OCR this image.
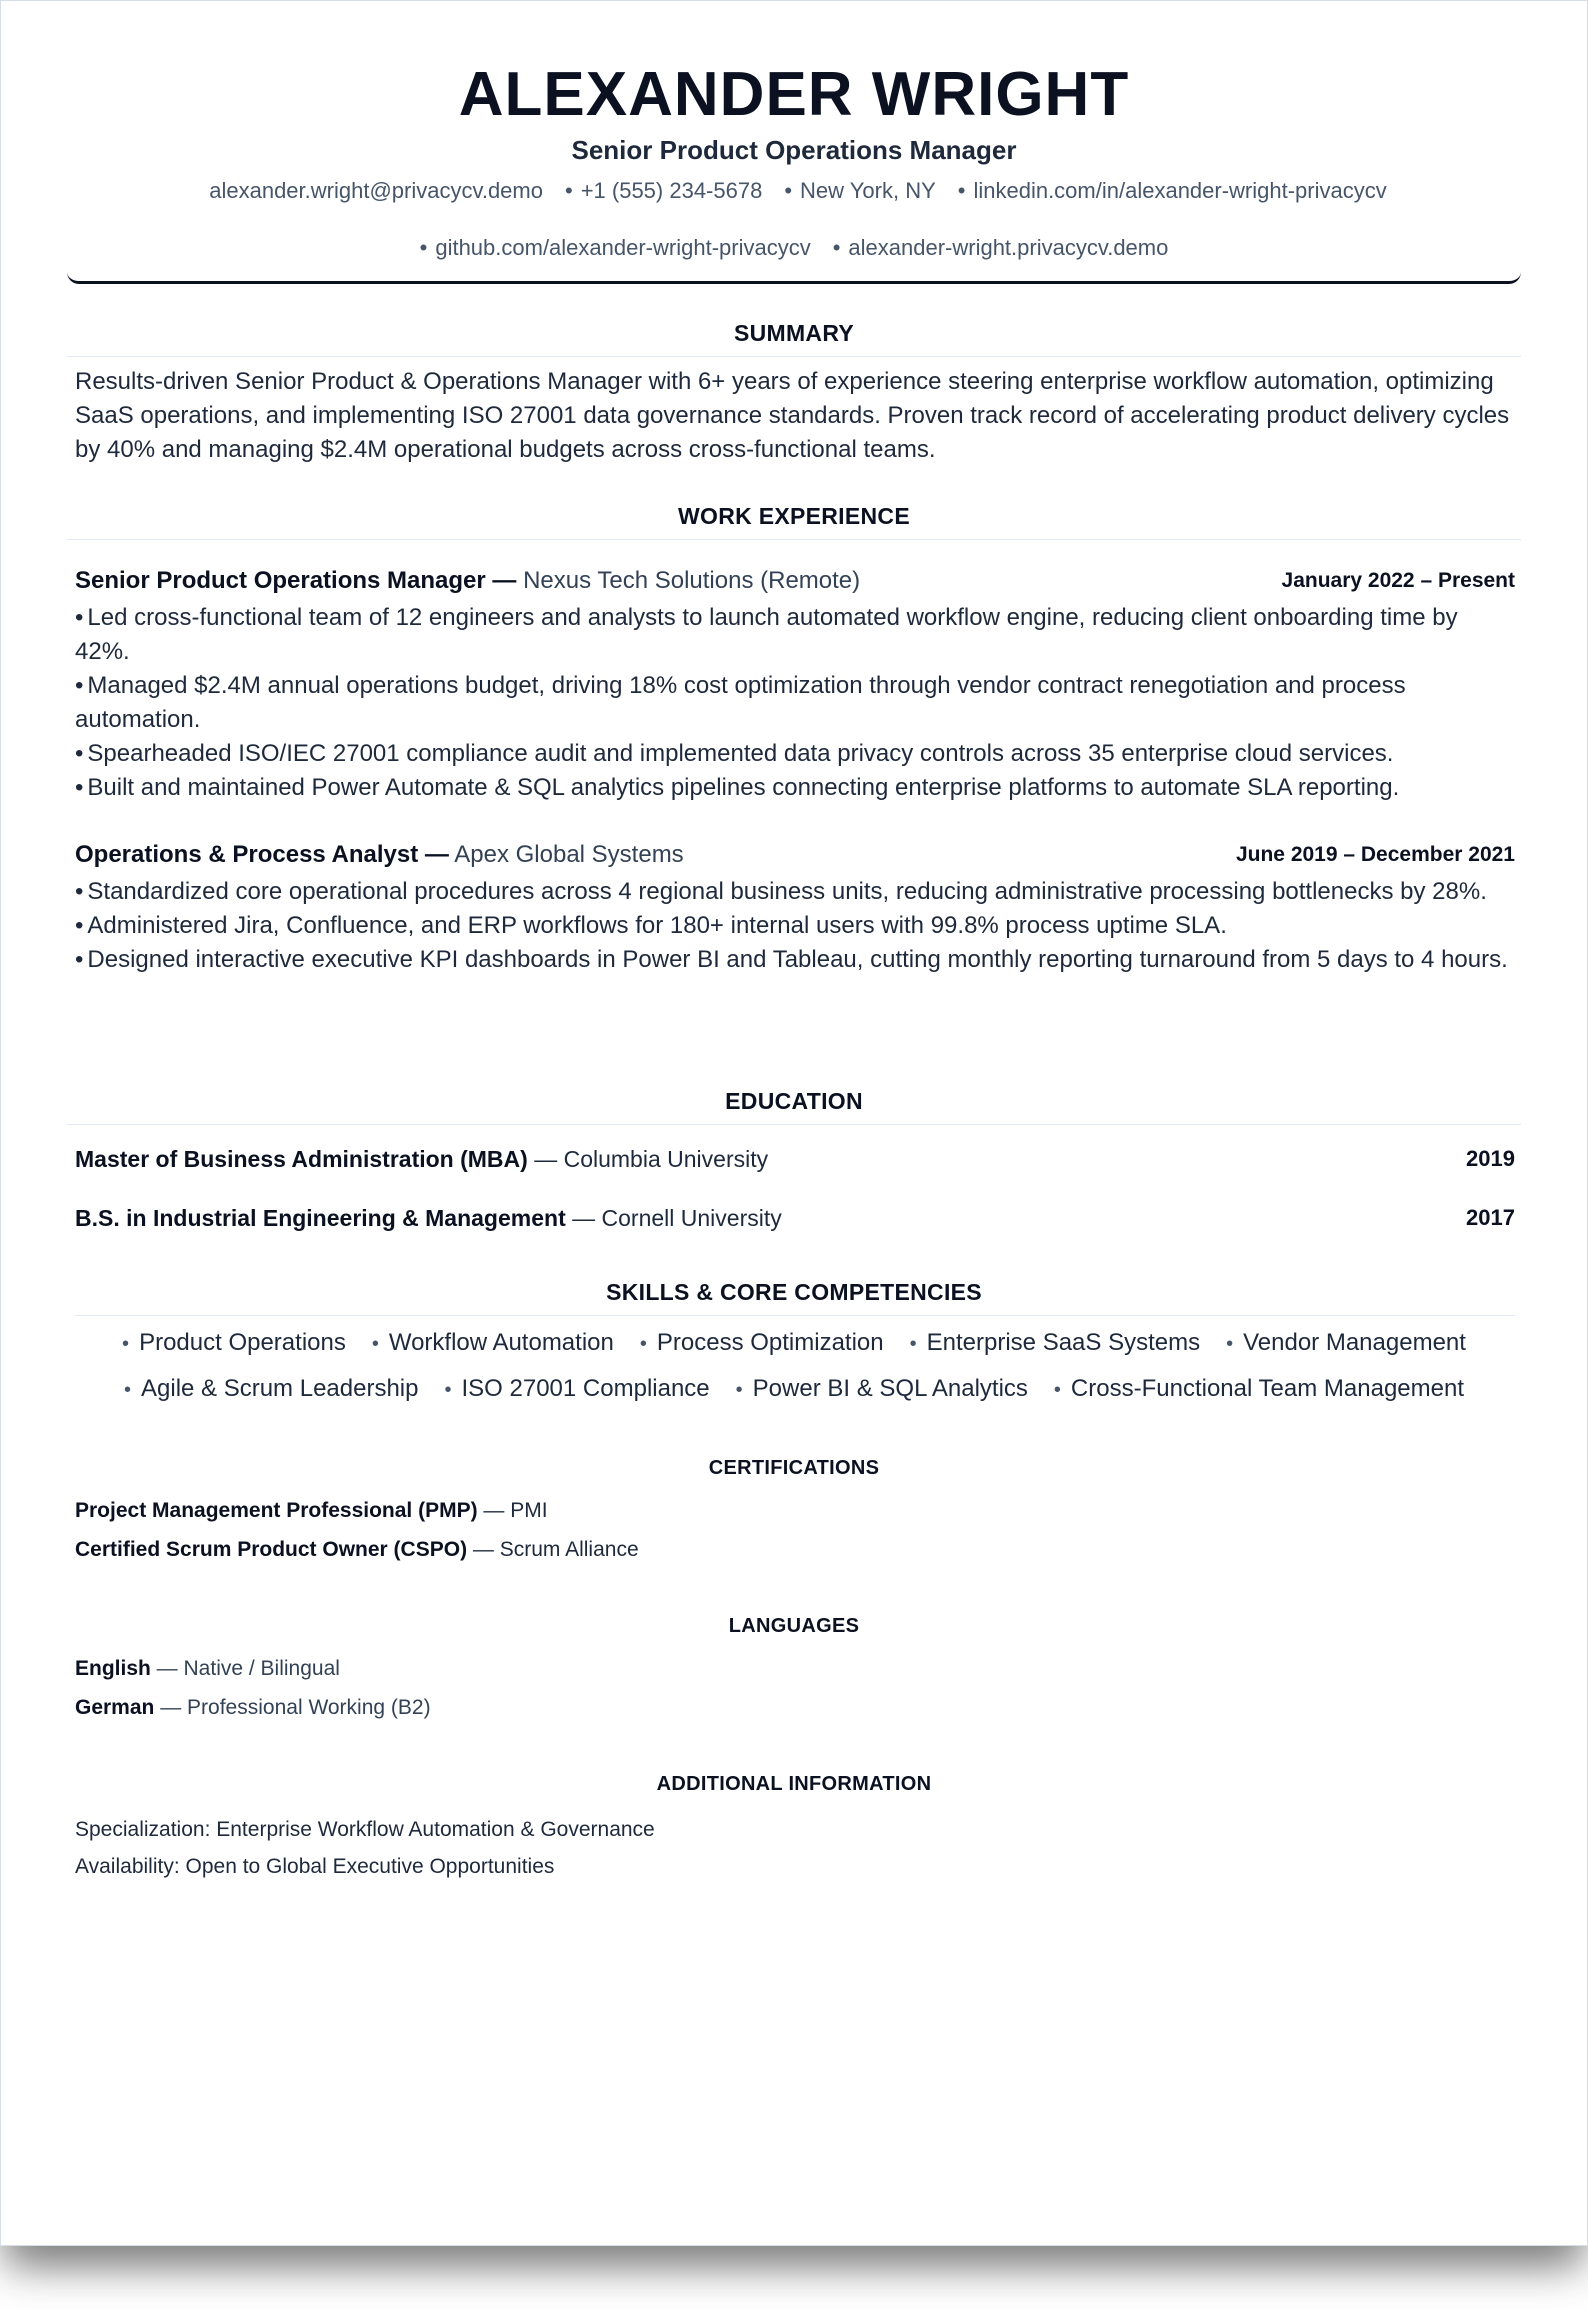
ALEXANDER WRIGHT
Senior Product Operations Manager
alexander.wright@privacycv.demo • +1 (555) 234-5678 • New York, NY • linkedin.com/in/alexander-wright-privacycv
• github.com/alexander-wright-privacycv • alexander-wright.privacycv.demo
SUMMARY
Results-driven Senior Product & Operations Manager with 6+ years of experience steering enterprise workflow automation, optimizing SaaS operations, and implementing ISO 27001 data governance standards. Proven track record of accelerating product delivery cycles by 40% and managing $2.4M operational budgets across cross-functional teams.
WORK EXPERIENCE
Senior Product Operations Manager — Nexus Tech Solutions (Remote)	January 2022 – Present
• Led cross-functional team of 12 engineers and analysts to launch automated workflow engine, reducing client onboarding time by 42%.
• Managed $2.4M annual operations budget, driving 18% cost optimization through vendor contract renegotiation and process automation.
• Spearheaded ISO/IEC 27001 compliance audit and implemented data privacy controls across 35 enterprise cloud services.
• Built and maintained Power Automate & SQL analytics pipelines connecting enterprise platforms to automate SLA reporting.
Operations & Process Analyst — Apex Global Systems	June 2019 – December 2021
• Standardized core operational procedures across 4 regional business units, reducing administrative processing bottlenecks by 28%.
• Administered Jira, Confluence, and ERP workflows for 180+ internal users with 99.8% process uptime SLA.
• Designed interactive executive KPI dashboards in Power BI and Tableau, cutting monthly reporting turnaround from 5 days to 4 hours.
EDUCATION
Master of Business Administration (MBA) — Columbia University	2019
B.S. in Industrial Engineering & Management — Cornell University	2017
SKILLS & CORE COMPETENCIES
• Product Operations • Workflow Automation • Process Optimization • Enterprise SaaS Systems • Vendor Management
• Agile & Scrum Leadership • ISO 27001 Compliance • Power BI & SQL Analytics • Cross-Functional Team Management
CERTIFICATIONS
Project Management Professional (PMP) — PMI
Certified Scrum Product Owner (CSPO) — Scrum Alliance
LANGUAGES
English — Native / Bilingual
German — Professional Working (B2)
ADDITIONAL INFORMATION
Specialization: Enterprise Workflow Automation & Governance
Availability: Open to Global Executive Opportunities
